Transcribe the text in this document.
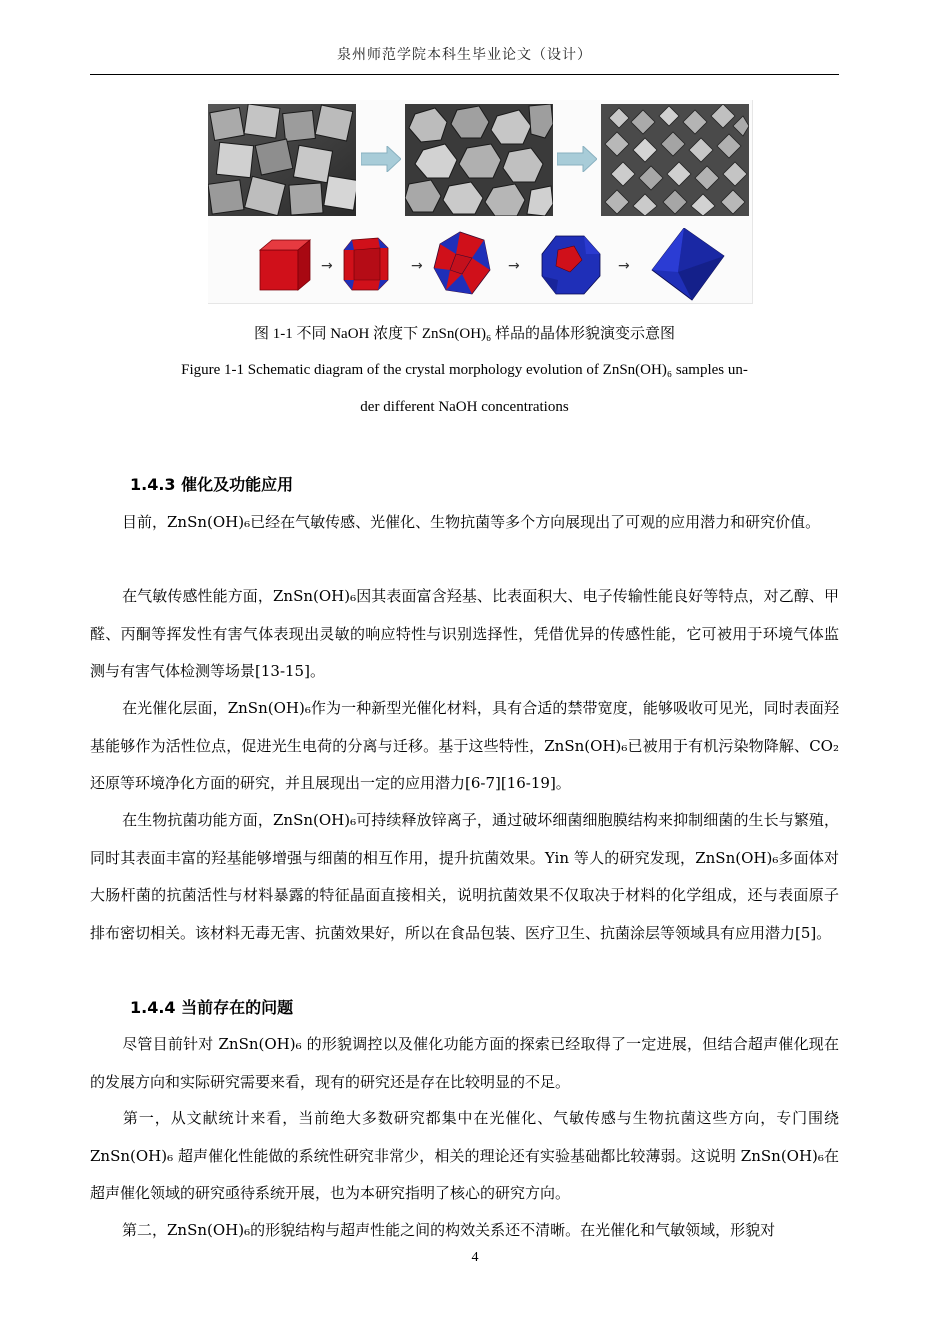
泉州师范学院本科生毕业论文（设计）
→	→	→	→
图 1-1 不同 NaOH 浓度下 ZnSn(OH)₆ 样品的晶体形貌演变示意图
Figure 1-1 Schematic diagram of the crystal morphology evolution of ZnSn(OH)₆ samples un-
der different NaOH concentrations
1.4.3 催化及功能应用
目前，ZnSn(OH)₆已经在气敏传感、光催化、生物抗菌等多个方向展现出了可观的应用潜力和研究价值。
在气敏传感性能方面，ZnSn(OH)₆因其表面富含羟基、比表面积大、电子传输性能良好等特点，对乙醇、甲醛、丙酮等挥发性有害气体表现出灵敏的响应特性与识别选择性，凭借优异的传感性能，它可被用于环境气体监测与有害气体检测等场景[13-15]。
在光催化层面，ZnSn(OH)₆作为一种新型光催化材料，具有合适的禁带宽度，能够吸收可见光，同时表面羟基能够作为活性位点，促进光生电荷的分离与迁移。基于这些特性，ZnSn(OH)₆已被用于有机污染物降解、CO₂还原等环境净化方面的研究，并且展现出一定的应用潜力[6-7][16-19]。
在生物抗菌功能方面，ZnSn(OH)₆可持续释放锌离子，通过破坏细菌细胞膜结构来抑制细菌的生长与繁殖，同时其表面丰富的羟基能够增强与细菌的相互作用，提升抗菌效果。Yin 等人的研究发现，ZnSn(OH)₆多面体对大肠杆菌的抗菌活性与材料暴露的特征晶面直接相关，说明抗菌效果不仅取决于材料的化学组成，还与表面原子排布密切相关。该材料无毒无害、抗菌效果好，所以在食品包装、医疗卫生、抗菌涂层等领域具有应用潜力[5]。
1.4.4 当前存在的问题
尽管目前针对 ZnSn(OH)₆ 的形貌调控以及催化功能方面的探索已经取得了一定进展，但结合超声催化现在的发展方向和实际研究需要来看，现有的研究还是存在比较明显的不足。
第一，从文献统计来看，当前绝大多数研究都集中在光催化、气敏传感与生物抗菌这些方向，专门围绕 ZnSn(OH)₆ 超声催化性能做的系统性研究非常少，相关的理论还有实验基础都比较薄弱。这说明 ZnSn(OH)₆在超声催化领域的研究亟待系统开展，也为本研究指明了核心的研究方向。
第二，ZnSn(OH)₆的形貌结构与超声性能之间的构效关系还不清晰。在光催化和气敏领域，形貌对
4
